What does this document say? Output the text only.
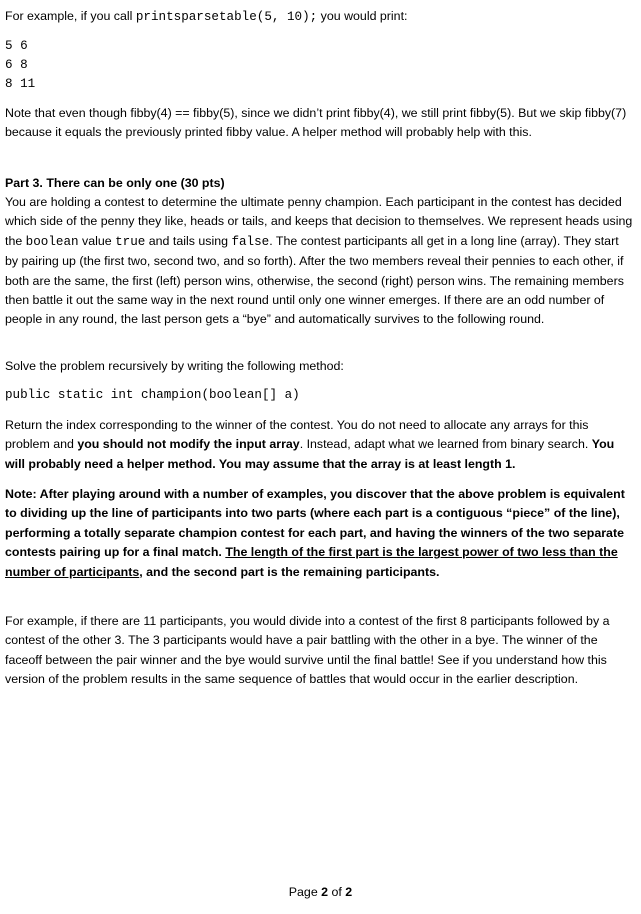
For example, if you call printsparsetable(5, 10); you would print:

5 6
6 8
8 11

Note that even though fibby(4) == fibby(5), since we didn’t print fibby(4), we still print fibby(5). But we skip fibby(7) because it equals the previously printed fibby value. A helper method will probably help with this.

Part 3. There can be only one (30 pts)

You are holding a contest to determine the ultimate penny champion. Each participant in the contest has decided which side of the penny they like, heads or tails, and keeps that decision to themselves. We represent heads using the boolean value true and tails using false. The contest participants all get in a long line (array). They start by pairing up (the first two, second two, and so forth). After the two members reveal their pennies to each other, if both are the same, the first (left) person wins, otherwise, the second (right) person wins. The remaining members then battle it out the same way in the next round until only one winner emerges. If there are an odd number of people in any round, the last person gets a “bye” and automatically survives to the following round.

Solve the problem recursively by writing the following method:

public static int champion(boolean[] a)

Return the index corresponding to the winner of the contest. You do not need to allocate any arrays for this problem and you should not modify the input array. Instead, adapt what we learned from binary search. You will probably need a helper method. You may assume that the array is at least length 1.

Note: After playing around with a number of examples, you discover that the above problem is equivalent to dividing up the line of participants into two parts (where each part is a contiguous “piece” of the line), performing a totally separate champion contest for each part, and having the winners of the two separate contests pairing up for a final match. The length of the first part is the largest power of two less than the number of participants, and the second part is the remaining participants.

For example, if there are 11 participants, you would divide into a contest of the first 8 participants followed by a contest of the other 3. The 3 participants would have a pair battling with the other in a bye. The winner of the faceoff between the pair winner and the bye would survive until the final battle! See if you understand how this version of the problem results in the same sequence of battles that would occur in the earlier description.

Page 2 of 2
